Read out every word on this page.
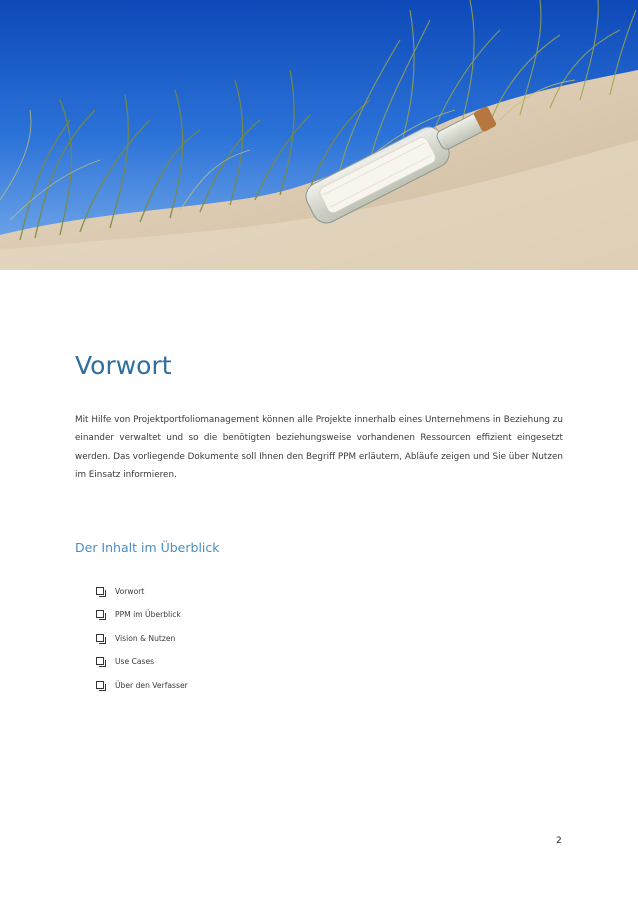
Vorwort

Mit Hilfe von Projektportfoliomanagement können alle Projekte innerhalb eines Unternehmens in Beziehung zu einander verwaltet und so die benötigten beziehungsweise vorhandenen Ressourcen effizient eingesetzt werden. Das vorliegende Dokumente soll Ihnen den Begriff PPM erläutern, Abläufe zeigen und Sie über Nutzen im Einsatz informieren.

Der Inhalt im Überblick
Vorwort
PPM im Überblick
Vision & Nutzen
Use Cases
Über den Verfasser
2
